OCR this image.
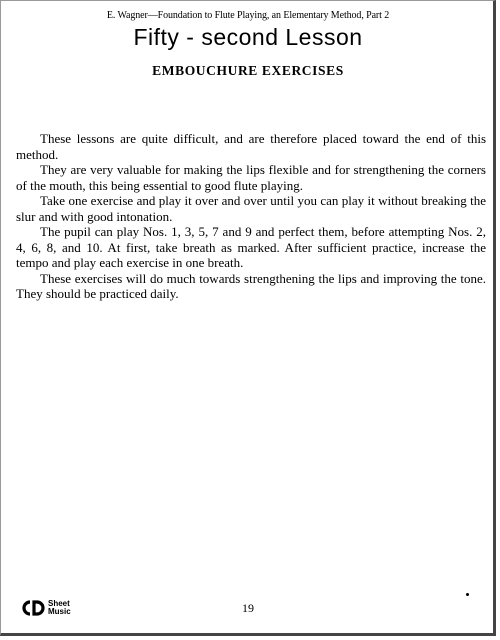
E. Wagner—Foundation to Flute Playing, an Elementary Method, Part 2
Fifty - second Lesson
EMBOUCHURE EXERCISES

These lessons are quite difficult, and are therefore placed toward the end of this method.

They are very valuable for making the lips flexible and for strengthening the corners of the mouth, this being essential to good flute playing.

Take one exercise and play it over and over until you can play it without breaking the slur and with good intonation.

The pupil can play Nos. 1, 3, 5, 7 and 9 and perfect them, before attempting Nos. 2, 4, 6, 8, and 10. At first, take breath as marked. After sufficient practice, increase the tempo and play each exercise in one breath.

These exercises will do much towards strengthening the lips and improving the tone. They should be practiced daily.

Sheet
Music	19
